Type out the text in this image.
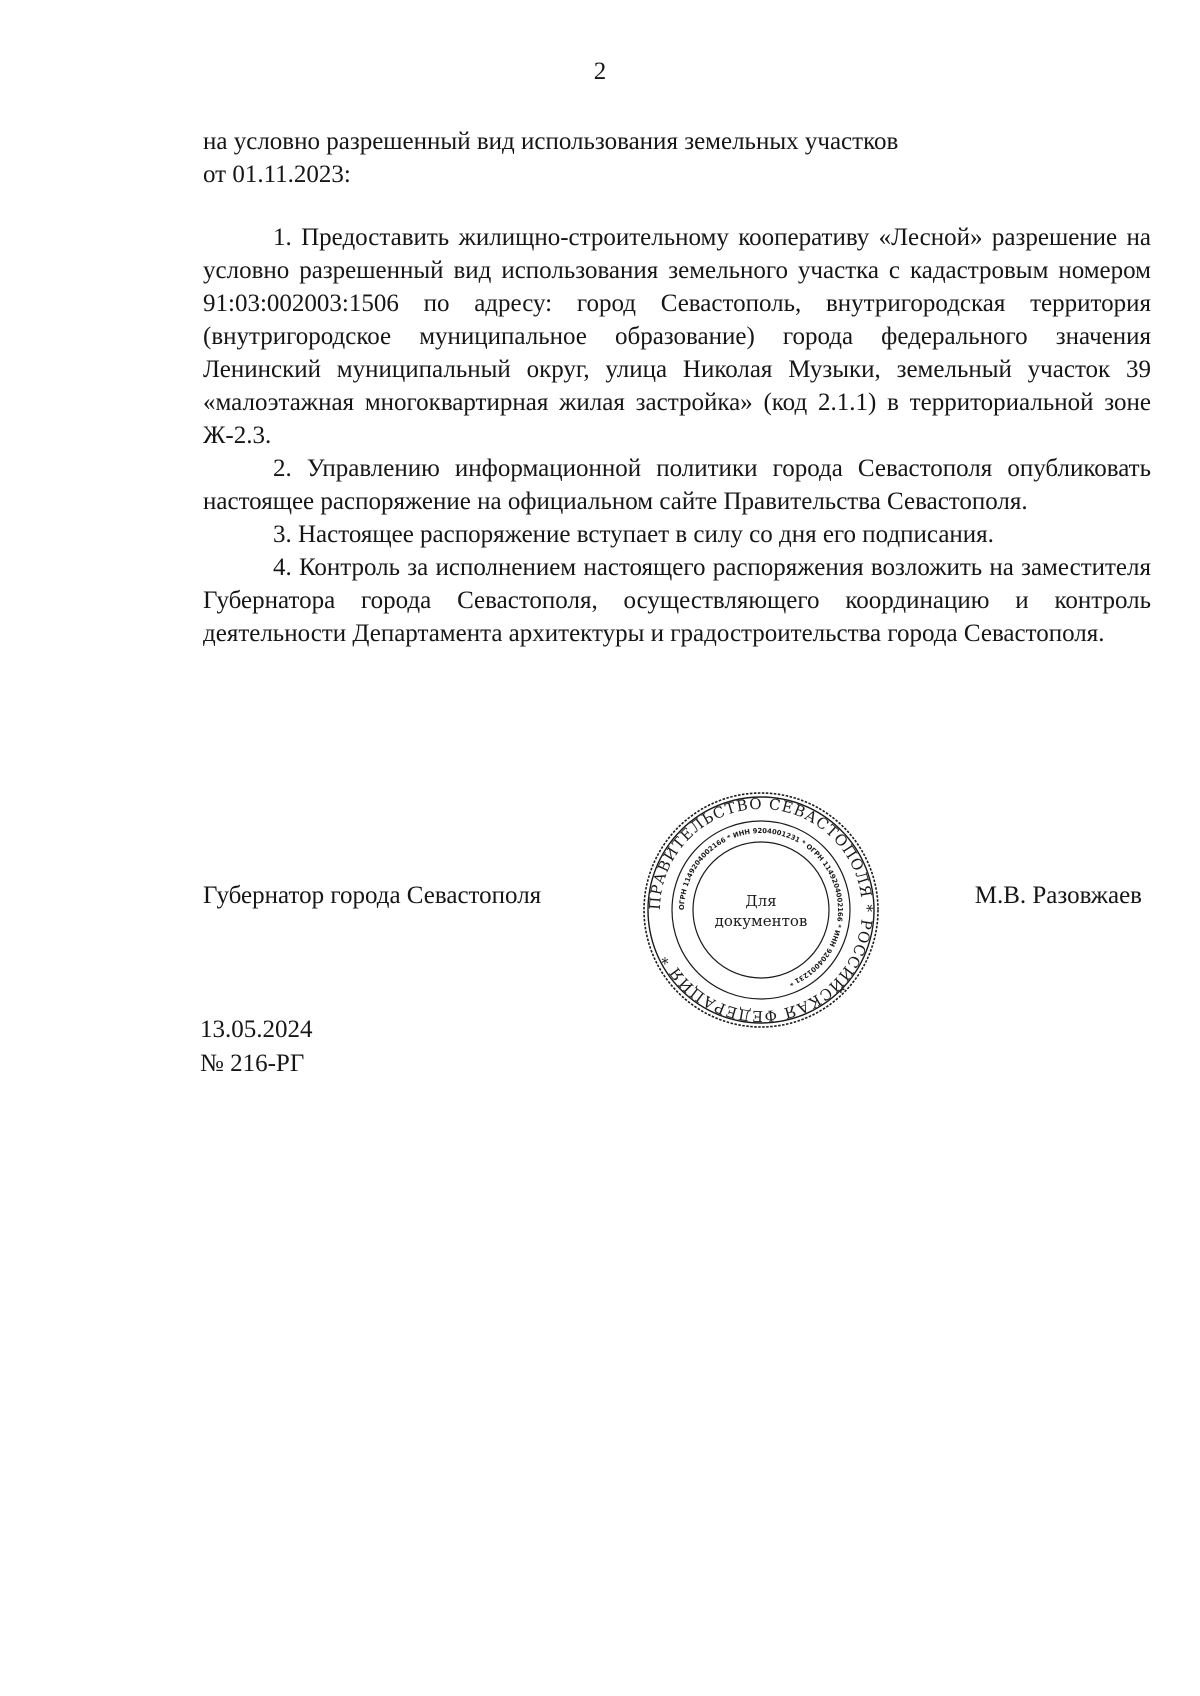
2

на условно разрешенный вид использования земельных участков

от 01.11.2023:

1. Предоставить жилищно-строительному кооперативу «Лесной» разрешение на условно разрешенный вид использования земельного участка с кадастровым номером 91:03:002003:1506 по адресу: город Севастополь, внутригородская территория (внутригородское муниципальное образование) города федерального значения Ленинский муниципальный округ, улица Николая Музыки, земельный участок 39 «малоэтажная многоквартирная жилая застройка» (код 2.1.1) в территориальной зоне Ж-2.3.

2. Управлению информационной политики города Севастополя опубликовать настоящее распоряжение на официальном сайте Правительства Севастополя.

3. Настоящее распоряжение вступает в силу со дня его подписания.

4. Контроль за исполнением настоящего распоряжения возложить на заместителя Губернатора города Севастополя, осуществляющего координацию и контроль деятельности Департамента архитектуры и градостроительства города Севастополя.

Губернатор города Севастополя	ПРАВИТЕЛЬСТВО СЕВАСТОПОЛЯ * РОССИЙСКАЯ ФЕДЕРАЦИЯ *
ОГРН 1149204002166 * ИНН 9204001231 * ОГРН 1149204002166 * ИНН 9204001231 *
Для
документов
М.В. Разовжаев
13.05.2024
№ 216-РГ
